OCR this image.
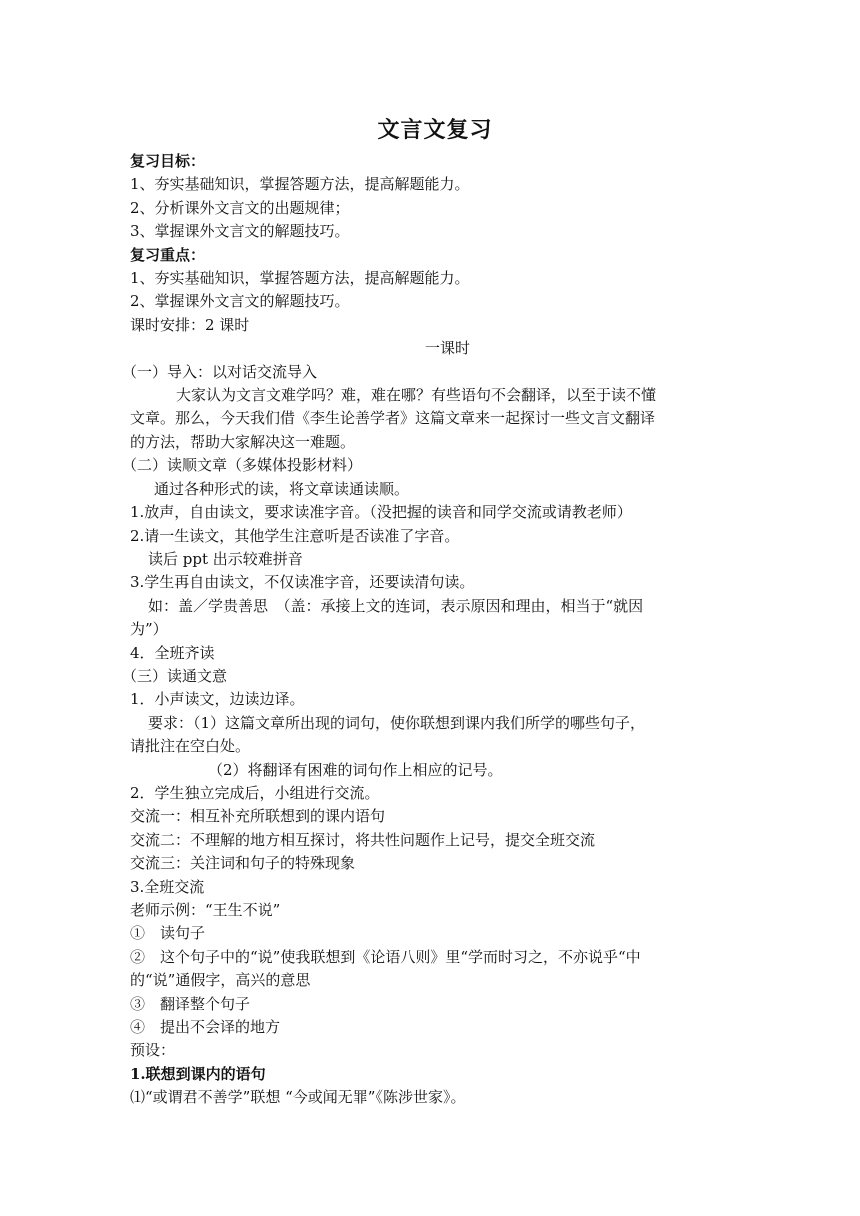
文言文复习
复习目标：
1、夯实基础知识，掌握答题方法，提高解题能力。
2、分析课外文言文的出题规律；
3、掌握课外文言文的解题技巧。
复习重点：
1、夯实基础知识，掌握答题方法，提高解题能力。
2、掌握课外文言文的解题技巧。
课时安排：2 课时
一课时
（一）导入：以对话交流导入
大家认为文言文难学吗？难，难在哪？有些语句不会翻译，以至于读不懂
文章。那么，今天我们借《李生论善学者》这篇文章来一起探讨一些文言文翻译
的方法，帮助大家解决这一难题。
（二）读顺文章（多媒体投影材料）
通过各种形式的读，将文章读通读顺。
1.放声，自由读文，要求读准字音。（没把握的读音和同学交流或请教老师）
2.请一生读文，其他学生注意听是否读准了字音。
读后 ppt 出示较难拼音
3.学生再自由读文，不仅读准字音，还要读清句读。
如：盖／学贵善思　（盖：承接上文的连词，表示原因和理由，相当于“就因
为”）
4．全班齐读
（三）读通文意
1．小声读文，边读边译。
要求：（1）这篇文章所出现的词句，使你联想到课内我们所学的哪些句子，
请批注在空白处。
（2）将翻译有困难的词句作上相应的记号。
2．学生独立完成后，小组进行交流。
交流一：相互补充所联想到的课内语句
交流二：不理解的地方相互探讨，将共性问题作上记号，提交全班交流
交流三：关注词和句子的特殊现象
3.全班交流
老师示例：“王生不说”
①　读句子
②　这个句子中的“说”使我联想到《论语八则》里“学而时习之，不亦说乎“中
的“说”通假字，高兴的意思
③　翻译整个句子
④　提出不会译的地方
预设：
1.联想到课内的语句
⑴“或谓君不善学”联想 “今或闻无罪”《陈涉世家》。
